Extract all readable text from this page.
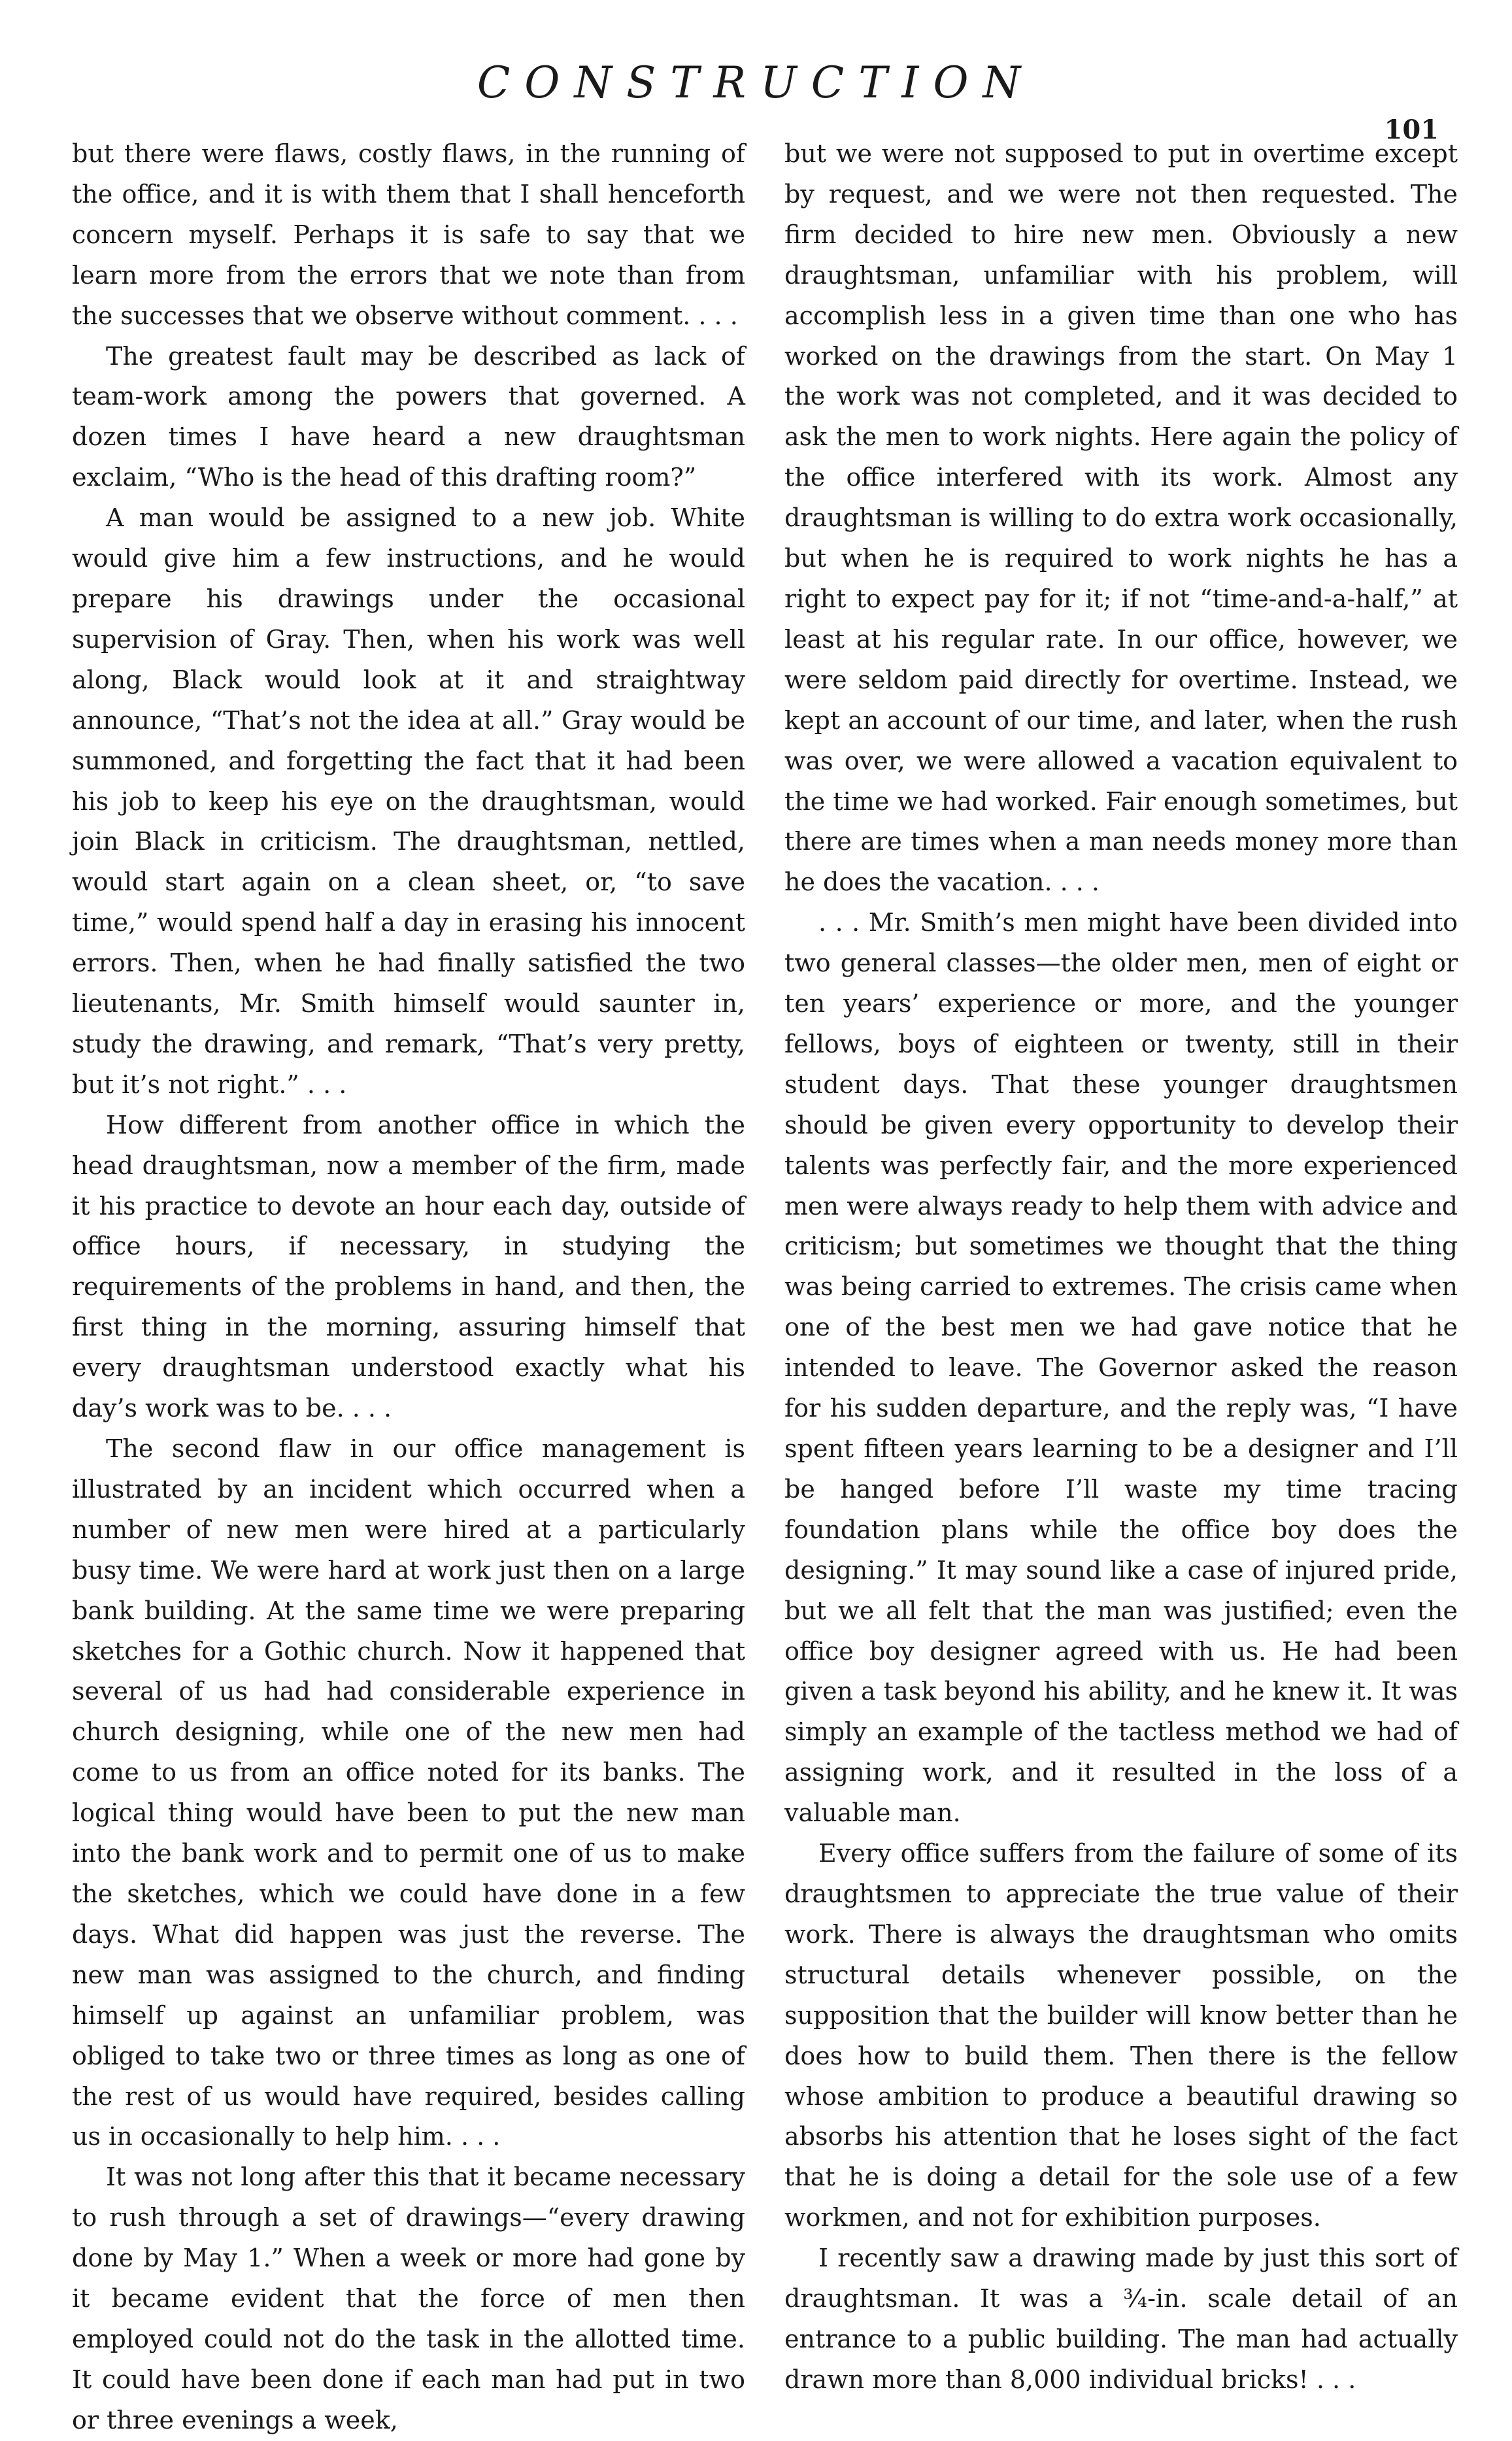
CONSTRUCTION
101

but there were flaws, costly flaws, in the running of the office, and it is with them that I shall henceforth concern myself. Perhaps it is safe to say that we learn more from the errors that we note than from the successes that we observe without comment. . . .

The greatest fault may be described as lack of team-work among the powers that governed. A dozen times I have heard a new draughtsman exclaim, “Who is the head of this drafting room?”

A man would be assigned to a new job. White would give him a few instructions, and he would prepare his drawings under the occasional supervision of Gray. Then, when his work was well along, Black would look at it and straightway announce, “That’s not the idea at all.” Gray would be summoned, and forgetting the fact that it had been his job to keep his eye on the draughtsman, would join Black in criticism. The draughtsman, nettled, would start again on a clean sheet, or, “to save time,” would spend half a day in erasing his innocent errors. Then, when he had finally satisfied the two lieutenants, Mr. Smith himself would saunter in, study the drawing, and remark, “That’s very pretty, but it’s not right.” . . .

How different from another office in which the head draughtsman, now a member of the firm, made it his practice to devote an hour each day, outside of office hours, if necessary, in studying the requirements of the problems in hand, and then, the first thing in the morning, assuring himself that every draughtsman understood exactly what his day’s work was to be. . . .

The second flaw in our office management is illustrated by an incident which occurred when a number of new men were hired at a particularly busy time. We were hard at work just then on a large bank building. At the same time we were preparing sketches for a Gothic church. Now it happened that several of us had had considerable experience in church designing, while one of the new men had come to us from an office noted for its banks. The logical thing would have been to put the new man into the bank work and to permit one of us to make the sketches, which we could have done in a few days. What did happen was just the reverse. The new man was assigned to the church, and finding himself up against an unfamiliar problem, was obliged to take two or three times as long as one of the rest of us would have required, besides calling us in occasionally to help him. . . .

It was not long after this that it became necessary to rush through a set of drawings—“every drawing done by May 1.” When a week or more had gone by it became evident that the force of men then employed could not do the task in the allotted time. It could have been done if each man had put in two or three evenings a week,

but we were not supposed to put in overtime except by request, and we were not then requested. The firm decided to hire new men. Obviously a new draughtsman, unfamiliar with his problem, will accomplish less in a given time than one who has worked on the drawings from the start. On May 1 the work was not completed, and it was decided to ask the men to work nights. Here again the policy of the office interfered with its work. Almost any draughtsman is willing to do extra work occasionally, but when he is required to work nights he has a right to expect pay for it; if not “time-and-a-half,” at least at his regular rate. In our office, however, we were seldom paid directly for overtime. Instead, we kept an account of our time, and later, when the rush was over, we were allowed a vacation equivalent to the time we had worked. Fair enough sometimes, but there are times when a man needs money more than he does the vacation. . . .

. . . Mr. Smith’s men might have been divided into two general classes—the older men, men of eight or ten years’ experience or more, and the younger fellows, boys of eighteen or twenty, still in their student days. That these younger draughtsmen should be given every opportunity to develop their talents was perfectly fair, and the more experienced men were always ready to help them with advice and criticism; but sometimes we thought that the thing was being carried to extremes. The crisis came when one of the best men we had gave notice that he intended to leave. The Governor asked the reason for his sudden departure, and the reply was, “I have spent fifteen years learning to be a designer and I’ll be hanged before I’ll waste my time tracing foundation plans while the office boy does the designing.” It may sound like a case of injured pride, but we all felt that the man was justified; even the office boy designer agreed with us. He had been given a task beyond his ability, and he knew it. It was simply an example of the tactless method we had of assigning work, and it resulted in the loss of a valuable man.

Every office suffers from the failure of some of its draughtsmen to appreciate the true value of their work. There is always the draughtsman who omits structural details whenever possible, on the supposition that the builder will know better than he does how to build them. Then there is the fellow whose ambition to produce a beautiful drawing so absorbs his attention that he loses sight of the fact that he is doing a detail for the sole use of a few workmen, and not for exhibition purposes.

I recently saw a drawing made by just this sort of draughtsman. It was a ¾-in. scale detail of an entrance to a public building. The man had actually drawn more than 8,000 individual bricks! . . .
